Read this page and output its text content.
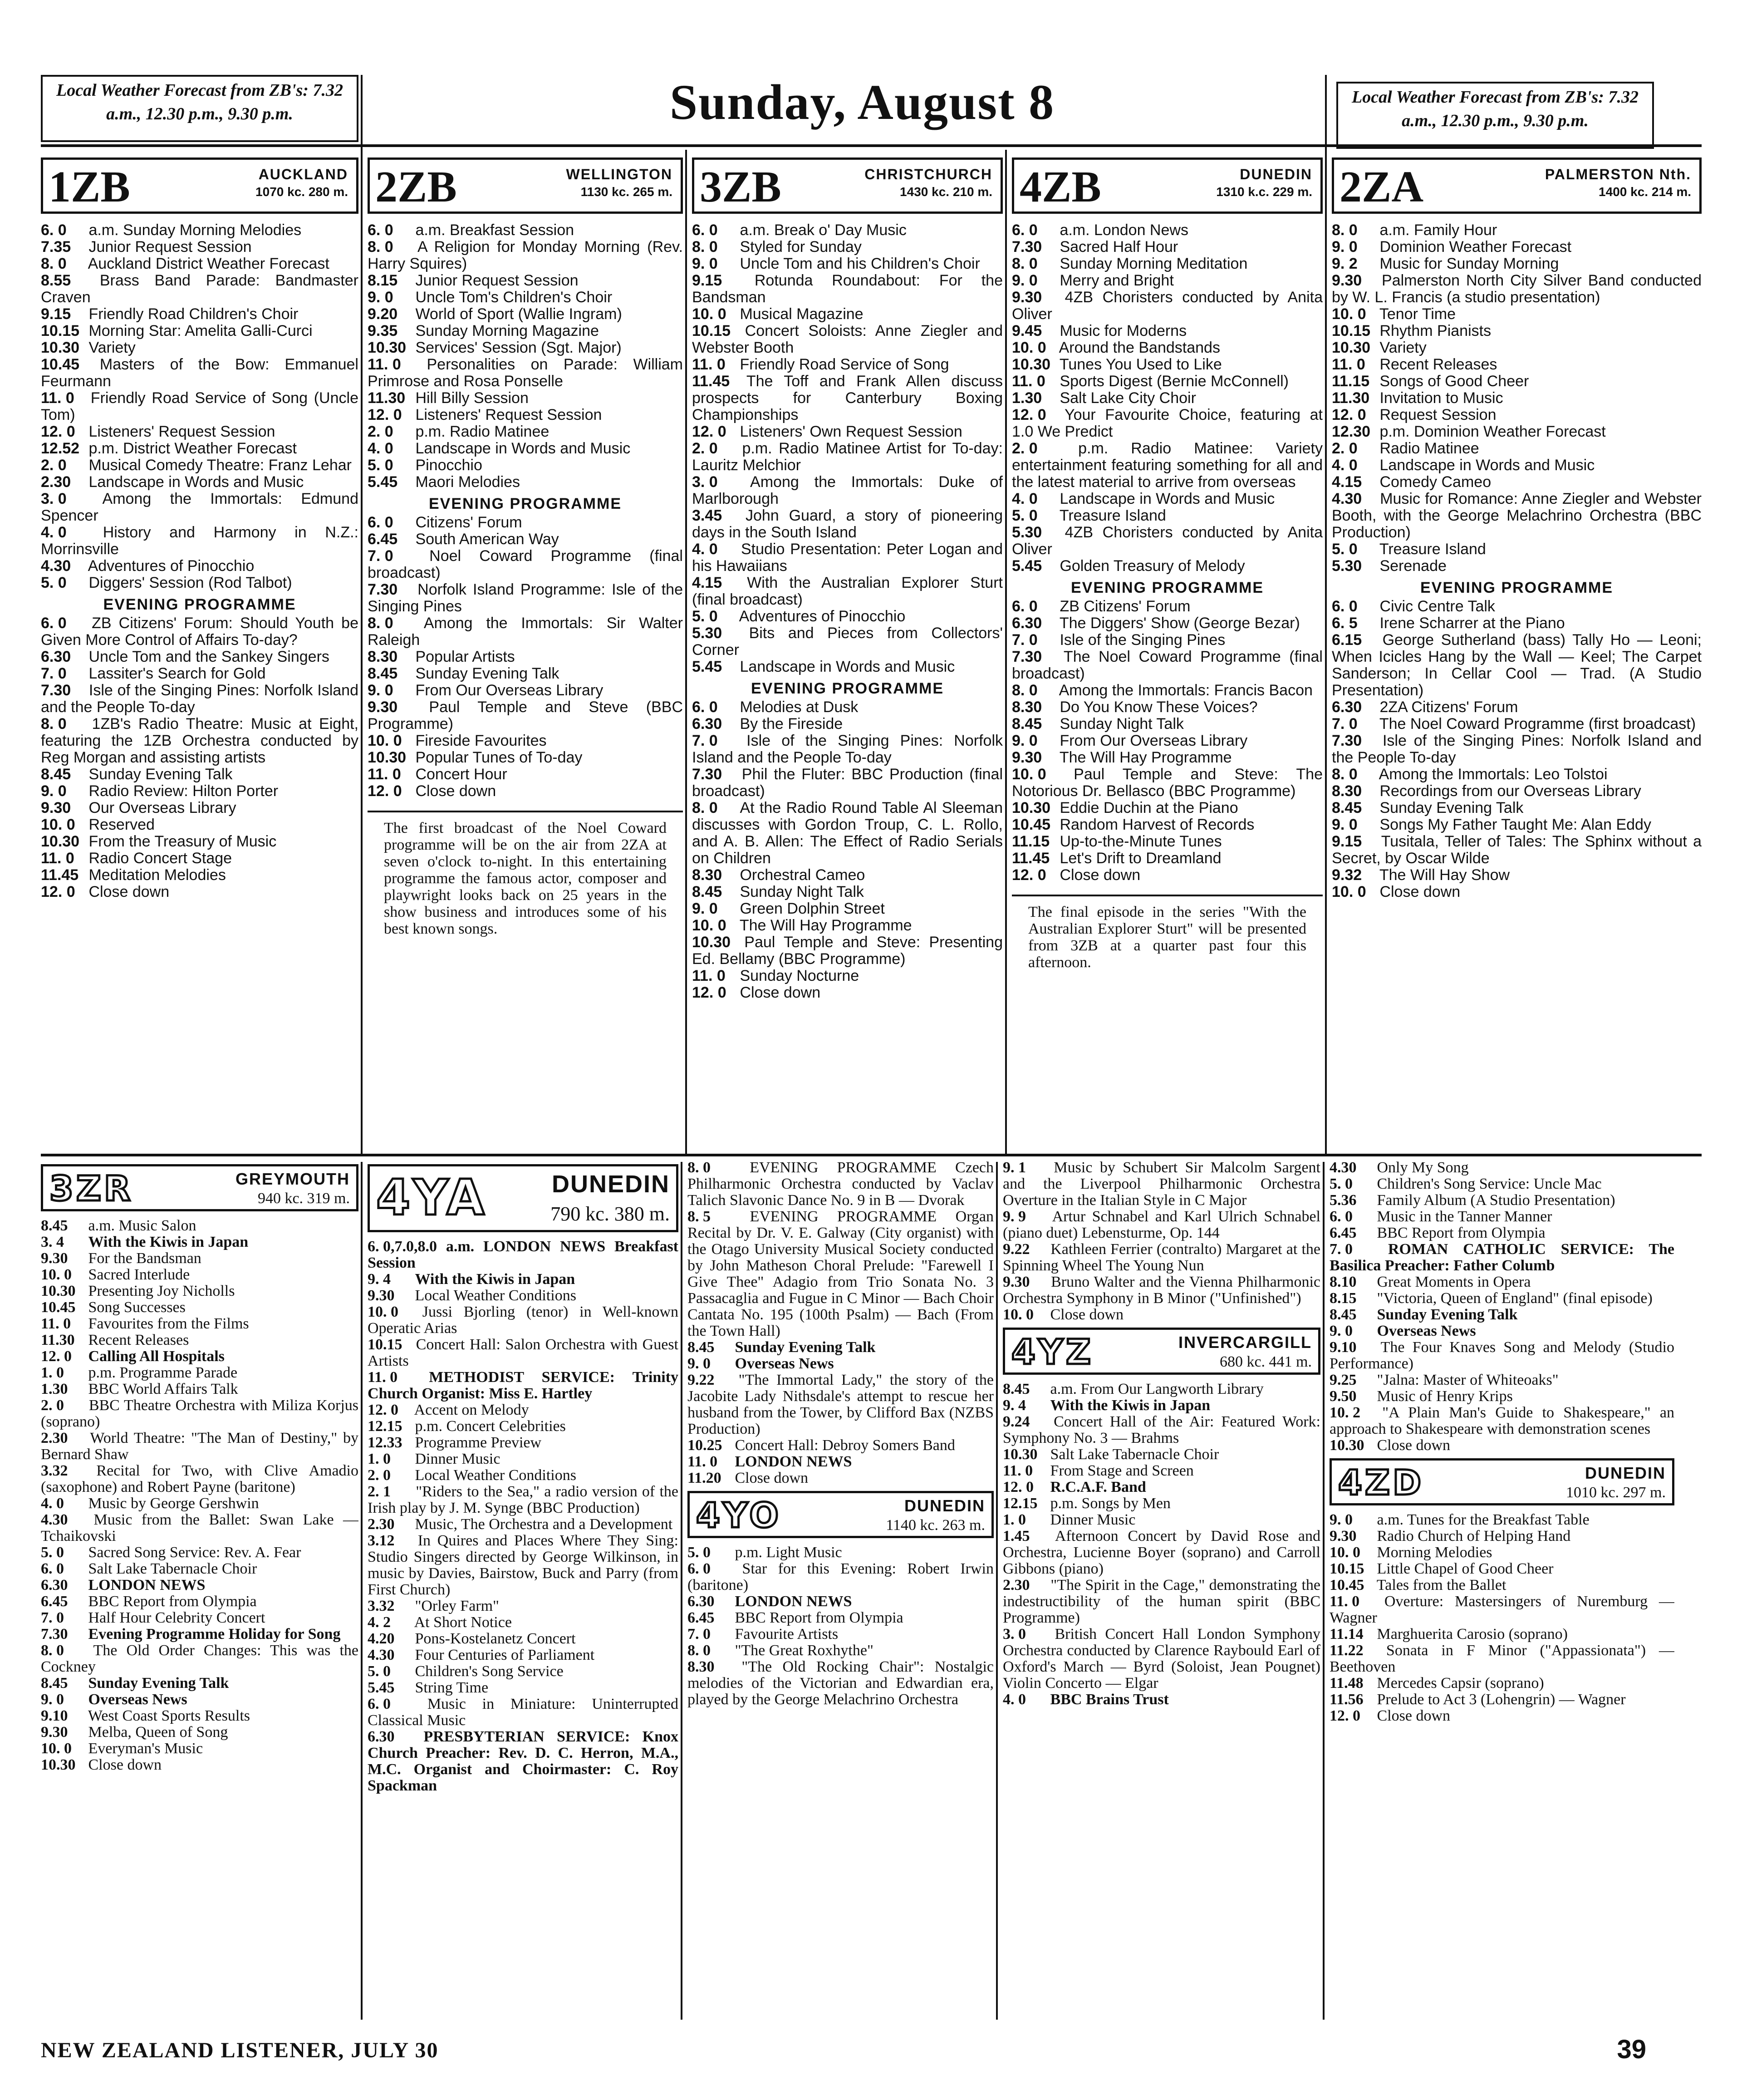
Local Weather Forecast from ZB's: 7.32 a.m., 12.30 p.m., 9.30 p.m.	Sunday, August 8	Local Weather Forecast from ZB's: 7.32 a.m., 12.30 p.m., 9.30 p.m.
1ZB	AUCKLAND
1070 kc. 280 m.
6. 0 a.m. Sunday Morning Melodies
7.35 Junior Request Session
8. 0 Auckland District Weather Forecast
8.55 Brass Band Parade: Bandmaster Craven
9.15 Friendly Road Children's Choir
10.15 Morning Star: Amelita Galli-Curci
10.30 Variety
10.45 Masters of the Bow: Emmanuel Feurmann
11. 0 Friendly Road Service of Song (Uncle Tom)
12. 0 Listeners' Request Session
12.52 p.m. District Weather Forecast
2. 0 Musical Comedy Theatre: Franz Lehar
2.30 Landscape in Words and Music
3. 0 Among the Immortals: Edmund Spencer
4. 0 History and Harmony in N.Z.: Morrinsville
4.30 Adventures of Pinocchio
5. 0 Diggers' Session (Rod Talbot)
EVENING PROGRAMME
6. 0 ZB Citizens' Forum: Should Youth be Given More Control of Affairs To-day?
6.30 Uncle Tom and the Sankey Singers
7. 0 Lassiter's Search for Gold
7.30 Isle of the Singing Pines: Norfolk Island and the People To-day
8. 0 1ZB's Radio Theatre: Music at Eight, featuring the 1ZB Orchestra conducted by Reg Morgan and assisting artists
8.45 Sunday Evening Talk
9. 0 Radio Review: Hilton Porter
9.30 Our Overseas Library
10. 0 Reserved
10.30 From the Treasury of Music
11. 0 Radio Concert Stage
11.45 Meditation Melodies
12. 0 Close down
2ZB	WELLINGTON
1130 kc. 265 m.
6. 0 a.m. Breakfast Session
8. 0 A Religion for Monday Morning (Rev. Harry Squires)
8.15 Junior Request Session
9. 0 Uncle Tom's Children's Choir
9.20 World of Sport (Wallie Ingram)
9.35 Sunday Morning Magazine
10.30 Services' Session (Sgt. Major)
11. 0 Personalities on Parade: William Primrose and Rosa Ponselle
11.30 Hill Billy Session
12. 0 Listeners' Request Session
2. 0 p.m. Radio Matinee
4. 0 Landscape in Words and Music
5. 0 Pinocchio
5.45 Maori Melodies
EVENING PROGRAMME
6. 0 Citizens' Forum
6.45 South American Way
7. 0 Noel Coward Programme (final broadcast)
7.30 Norfolk Island Programme: Isle of the Singing Pines
8. 0 Among the Immortals: Sir Walter Raleigh
8.30 Popular Artists
8.45 Sunday Evening Talk
9. 0 From Our Overseas Library
9.30 Paul Temple and Steve (BBC Programme)
10. 0 Fireside Favourites
10.30 Popular Tunes of To-day
11. 0 Concert Hour
12. 0 Close down
The first broadcast of the Noel Coward programme will be on the air from 2ZA at seven o'clock to-night. In this entertaining programme the famous actor, composer and playwright looks back on 25 years in the show business and introduces some of his best known songs.
3ZB	CHRISTCHURCH
1430 kc. 210 m.
6. 0 a.m. Break o' Day Music
8. 0 Styled for Sunday
9. 0 Uncle Tom and his Children's Choir
9.15 Rotunda Roundabout: For the Bandsman
10. 0 Musical Magazine
10.15 Concert Soloists: Anne Ziegler and Webster Booth
11. 0 Friendly Road Service of Song
11.45 The Toff and Frank Allen discuss prospects for Canterbury Boxing Championships
12. 0 Listeners' Own Request Session
2. 0 p.m. Radio Matinee Artist for To-day: Lauritz Melchior
3. 0 Among the Immortals: Duke of Marlborough
3.45 John Guard, a story of pioneering days in the South Island
4. 0 Studio Presentation: Peter Logan and his Hawaiians
4.15 With the Australian Explorer Sturt (final broadcast)
5. 0 Adventures of Pinocchio
5.30 Bits and Pieces from Collectors' Corner
5.45 Landscape in Words and Music
EVENING PROGRAMME
6. 0 Melodies at Dusk
6.30 By the Fireside
7. 0 Isle of the Singing Pines: Norfolk Island and the People To-day
7.30 Phil the Fluter: BBC Production (final broadcast)
8. 0 At the Radio Round Table Al Sleeman discusses with Gordon Troup, C. L. Rollo, and A. B. Allen: The Effect of Radio Serials on Children
8.30 Orchestral Cameo
8.45 Sunday Night Talk
9. 0 Green Dolphin Street
10. 0 The Will Hay Programme
10.30 Paul Temple and Steve: Presenting Ed. Bellamy (BBC Programme)
11. 0 Sunday Nocturne
12. 0 Close down
4ZB	DUNEDIN
1310 k.c. 229 m.
6. 0 a.m. London News
7.30 Sacred Half Hour
8. 0 Sunday Morning Meditation
9. 0 Merry and Bright
9.30 4ZB Choristers conducted by Anita Oliver
9.45 Music for Moderns
10. 0 Around the Bandstands
10.30 Tunes You Used to Like
11. 0 Sports Digest (Bernie McConnell)
1.30 Salt Lake City Choir
12. 0 Your Favourite Choice, featuring at 1.0 We Predict
2. 0	p.m. Radio Matinee: Variety entertainment featuring something for all and the latest material to arrive from overseas
4. 0 Landscape in Words and Music
5. 0 Treasure Island
5.30 4ZB Choristers conducted by Anita Oliver
5.45 Golden Treasury of Melody
EVENING PROGRAMME
6. 0 ZB Citizens' Forum
6.30 The Diggers' Show (George Bezar)
7. 0 Isle of the Singing Pines
7.30 The Noel Coward Programme (final broadcast)
8. 0 Among the Immortals: Francis Bacon
8.30 Do You Know These Voices?
8.45 Sunday Night Talk
9. 0 From Our Overseas Library
9.30 The Will Hay Programme
10. 0 Paul Temple and Steve: The Notorious Dr. Bellasco (BBC Programme)
10.30 Eddie Duchin at the Piano
10.45 Random Harvest of Records
11.15 Up-to-the-Minute Tunes
11.45 Let's Drift to Dreamland
12. 0 Close down
The final episode in the series "With the Australian Explorer Sturt" will be presented from 3ZB at a quarter past four this afternoon.
2ZA	PALMERSTON Nth.
1400 kc. 214 m.
8. 0 a.m. Family Hour
9. 0 Dominion Weather Forecast
9. 2 Music for Sunday Morning
9.30 Palmerston North City Silver Band conducted by W. L. Francis (a studio presentation)
10. 0 Tenor Time
10.15 Rhythm Pianists
10.30 Variety
11. 0 Recent Releases
11.15 Songs of Good Cheer
11.30 Invitation to Music
12. 0 Request Session
12.30 p.m. Dominion Weather Forecast
2. 0 Radio Matinee
4. 0 Landscape in Words and Music
4.15 Comedy Cameo
4.30 Music for Romance: Anne Ziegler and Webster Booth, with the George Melachrino Orchestra (BBC Production)
5. 0 Treasure Island
5.30 Serenade
EVENING PROGRAMME
6. 0 Civic Centre Talk
6. 5 Irene Scharrer at the Piano
6.15 George Sutherland (bass) Tally Ho — Leoni; When Icicles Hang by the Wall — Keel; The Carpet Sanderson; In Cellar Cool — Trad. (A Studio Presentation)
6.30 2ZA Citizens' Forum
7. 0 The Noel Coward Programme (first broadcast)
7.30 Isle of the Singing Pines: Norfolk Island and the People To-day
8. 0 Among the Immortals: Leo Tolstoi
8.30 Recordings from our Overseas Library
8.45 Sunday Evening Talk
9. 0 Songs My Father Taught Me: Alan Eddy
9.15 Tusitala, Teller of Tales: The Sphinx without a Secret, by Oscar Wilde
9.32 The Will Hay Show
10. 0 Close down
3ZR	GREYMOUTH
940 kc. 319 m.
8.45 a.m. Music Salon
3. 4 With the Kiwis in Japan
9.30 For the Bandsman
10. 0 Sacred Interlude
10.30 Presenting Joy Nicholls
10.45 Song Successes
11. 0 Favourites from the Films
11.30 Recent Releases
12. 0 Calling All Hospitals
1. 0 p.m. Programme Parade
1.30 BBC World Affairs Talk
2. 0 BBC Theatre Orchestra with Miliza Korjus (soprano)
2.30 World Theatre: "The Man of Destiny," by Bernard Shaw
3.32 Recital for Two, with Clive Amadio (saxophone) and Robert Payne (baritone)
4. 0 Music by George Gershwin
4.30 Music from the Ballet: Swan Lake — Tchaikovski
5. 0 Sacred Song Service: Rev. A. Fear
6. 0 Salt Lake Tabernacle Choir
6.30 LONDON NEWS
6.45 BBC Report from Olympia
7. 0 Half Hour Celebrity Concert
7.30 Evening Programme Holiday for Song
8. 0 The Old Order Changes: This was the Cockney
8.45 Sunday Evening Talk
9. 0 Overseas News
9.10 West Coast Sports Results
9.30 Melba, Queen of Song
10. 0 Everyman's Music
10.30 Close down
4YA	DUNEDIN
790 kc. 380 m.
6. 0,7.0,8.0 a.m. LONDON NEWS Breakfast Session
9. 4 With the Kiwis in Japan
9.30 Local Weather Conditions
10. 0 Jussi Bjorling (tenor) in Well-known Operatic Arias
10.15 Concert Hall: Salon Orchestra with Guest Artists
11. 0 METHODIST SERVICE: Trinity Church Organist: Miss E. Hartley
12. 0 Accent on Melody
12.15 p.m. Concert Celebrities
12.33 Programme Preview
1. 0 Dinner Music
2. 0 Local Weather Conditions
2. 1 "Riders to the Sea," a radio version of the Irish play by J. M. Synge (BBC Production)
2.30 Music, The Orchestra and a Development
3.12 In Quires and Places Where They Sing: Studio Singers directed by George Wilkinson, in music by Davies, Bairstow, Buck and Parry (from First Church)
3.32 "Orley Farm"
4. 2 At Short Notice
4.20 Pons-Kostelanetz Concert
4.30 Four Centuries of Parliament
5. 0 Children's Song Service
5.45 String Time
6. 0 Music in Miniature: Uninterrupted Classical Music
6.30 PRESBYTERIAN SERVICE: Knox Church Preacher: Rev. D. C. Herron, M.A., M.C. Organist and Choirmaster: C. Roy Spackman
8. 0	EVENING PROGRAMME Czech Philharmonic Orchestra conducted by Vaclav Talich Slavonic Dance No. 9 in B — Dvorak
8. 5	EVENING PROGRAMME Organ Recital by Dr. V. E. Galway (City organist) with the Otago University Musical Society conducted by John Matheson Choral Prelude: "Farewell I Give Thee" Adagio from Trio Sonata No. 3 Passacaglia and Fugue in C Minor — Bach Choir Cantata No. 195 (100th Psalm) — Bach (From the Town Hall)
8.45 Sunday Evening Talk
9. 0 Overseas News
9.22 "The Immortal Lady," the story of the Jacobite Lady Nithsdale's attempt to rescue her husband from the Tower, by Clifford Bax (NZBS Production)
10.25 Concert Hall: Debroy Somers Band
11. 0 LONDON NEWS
11.20 Close down
4YO	DUNEDIN
1140 kc. 263 m.
5. 0 p.m. Light Music
6. 0 Star for this Evening: Robert Irwin (baritone)
6.30 LONDON NEWS
6.45 BBC Report from Olympia
7. 0 Favourite Artists
8. 0 "The Great Roxhythe"
8.30 "The Old Rocking Chair": Nostalgic melodies of the Victorian and Edwardian era, played by the George Melachrino Orchestra
9. 1 Music by Schubert Sir Malcolm Sargent and the Liverpool Philharmonic Orchestra Overture in the Italian Style in C Major
9. 9 Artur Schnabel and Karl Ulrich Schnabel (piano duet) Lebensturme, Op. 144
9.22 Kathleen Ferrier (contralto) Margaret at the Spinning Wheel The Young Nun
9.30 Bruno Walter and the Vienna Philharmonic Orchestra Symphony in B Minor ("Unfinished")
10. 0 Close down
4YZ	INVERCARGILL
680 kc. 441 m.
8.45 a.m. From Our Langworth Library
9. 4 With the Kiwis in Japan
9.24 Concert Hall of the Air: Featured Work: Symphony No. 3 — Brahms
10.30 Salt Lake Tabernacle Choir
11. 0 From Stage and Screen
12. 0 R.C.A.F. Band
12.15 p.m. Songs by Men
1. 0 Dinner Music
1.45 Afternoon Concert by David Rose and Orchestra, Lucienne Boyer (soprano) and Carroll Gibbons (piano)
2.30 "The Spirit in the Cage," demonstrating the indestructibility of the human spirit (BBC Programme)
3. 0 British Concert Hall London Symphony Orchestra conducted by Clarence Raybould Earl of Oxford's March — Byrd (Soloist, Jean Pougnet) Violin Concerto — Elgar
4. 0 BBC Brains Trust
4.30 Only My Song
5. 0 Children's Song Service: Uncle Mac
5.36 Family Album (A Studio Presentation)
6. 0 Music in the Tanner Manner
6.45 BBC Report from Olympia
7. 0 ROMAN CATHOLIC SERVICE: The Basilica Preacher: Father Columb
8.10 Great Moments in Opera
8.15 "Victoria, Queen of England" (final episode)
8.45 Sunday Evening Talk
9. 0 Overseas News
9.10 The Four Knaves Song and Melody (Studio Performance)
9.25 "Jalna: Master of Whiteoaks"
9.50 Music of Henry Krips
10. 2 "A Plain Man's Guide to Shakespeare," an approach to Shakespeare with demonstration scenes
10.30 Close down
4ZD	DUNEDIN
1010 kc. 297 m.
9. 0 a.m. Tunes for the Breakfast Table
9.30 Radio Church of Helping Hand
10. 0 Morning Melodies
10.15 Little Chapel of Good Cheer
10.45 Tales from the Ballet
11. 0 Overture: Mastersingers of Nuremburg — Wagner
11.14 Marghuerita Carosio (soprano)
11.22 Sonata in F Minor ("Appassionata") — Beethoven
11.48 Mercedes Capsir (soprano)
11.56 Prelude to Act 3 (Lohengrin) — Wagner
12. 0 Close down
NEW ZEALAND LISTENER, JULY 30	39
